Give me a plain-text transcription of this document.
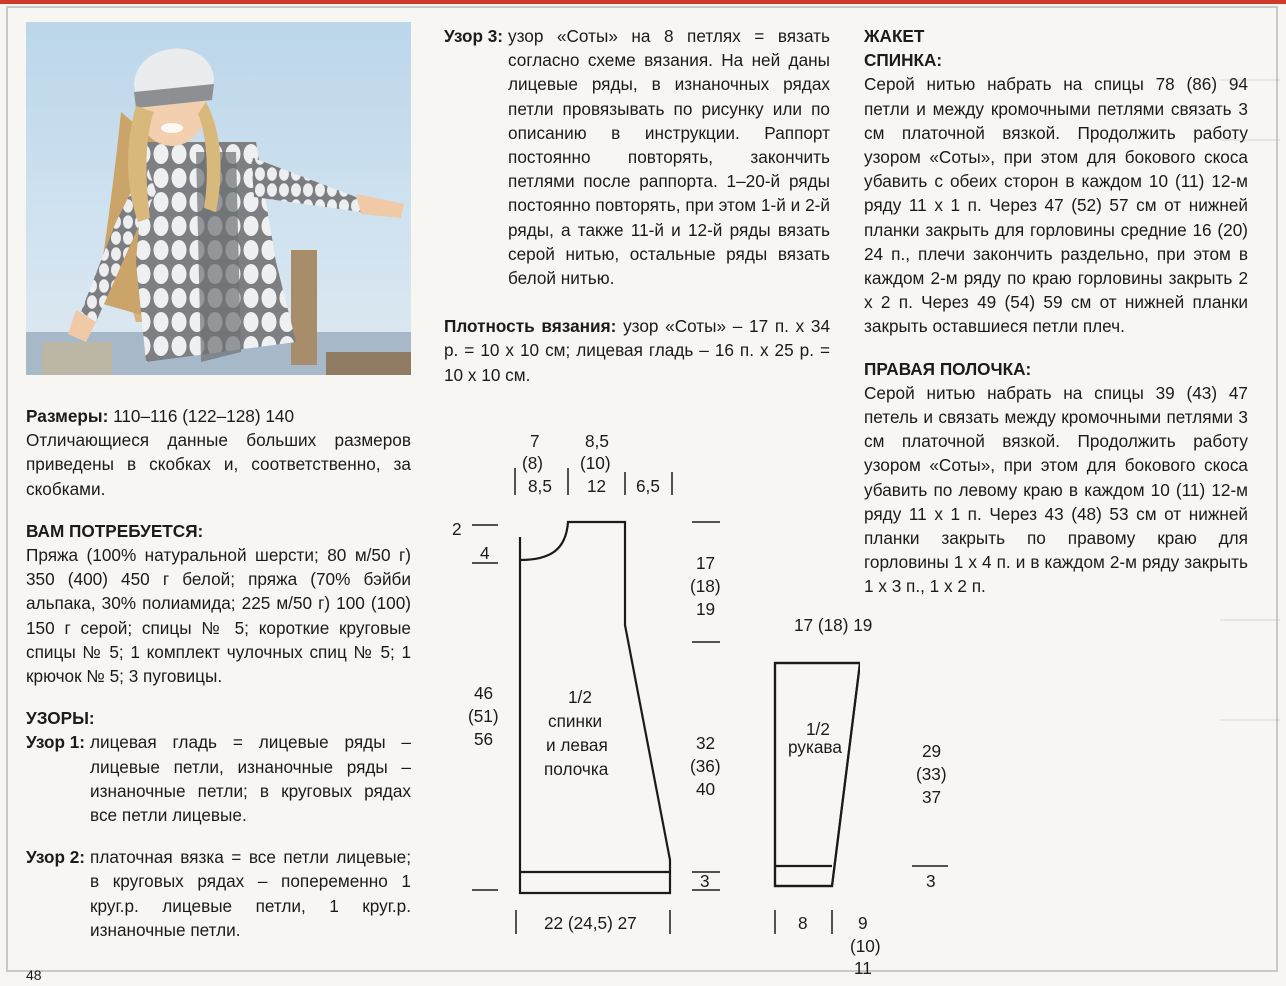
Размеры: 110–116 (122–128) 140

Отличающиеся данные больших размеров приведены в скобках и, соответственно, за скобками.

ВАМ ПОТРЕБУЕТСЯ:

Пряжа (100% натуральной шерсти; 80 м/50 г) 350 (400) 450 г белой; пряжа (70% бэйби альпака, 30% полиамида; 225 м/50 г) 100 (100) 150 г серой; спицы № 5; короткие круговые спицы № 5; 1 комплект чулочных спиц № 5; 1 крючок № 5; 3 пуговицы.

УЗОРЫ:

Узор 1: лицевая гладь = лицевые ряды – лицевые петли, изнаночные ряды – изнаночные петли; в круговых рядах все петли лицевые.
Узор 2: платочная вязка = все петли лицевые; в круговых рядах – попеременно 1 круг.р. лицевые петли, 1 круг.р. изнаночные петли.
Узор 3: узор «Соты» на 8 петлях = вязать согласно схеме вязания. На ней даны лицевые ряды, в изнаночных рядах петли провязывать по рисунку или по описанию в инструкции. Раппорт постоянно повторять, закончить петлями после раппорта. 1–20-й ряды постоянно повторять, при этом 1-й и 2-й ряды, а также 11-й и 12-й ряды вязать серой нитью, остальные ряды вязать белой нитью.

Плотность вязания: узор «Соты» – 17 п. х 34 р. = 10 х 10 см; лицевая гладь – 16 п. х 25 р. = 10 х 10 см.

ЖАКЕТ

СПИНКА:

Серой нитью набрать на спицы 78 (86) 94 петли и между кромочными петлями связать 3 см платочной вязкой. Продолжить работу узором «Соты», при этом для бокового скоса убавить с обеих сторон в каждом 10 (11) 12-м ряду 11 х 1 п. Через 47 (52) 57 см от нижней планки закрыть для горловины средние 16 (20) 24 п., плечи закончить раздельно, при этом в каждом 2-м ряду по краю горловины закрыть 2 х 2 п. Через 49 (54) 59 см от нижней планки закрыть оставшиеся петли плеч.

ПРАВАЯ ПОЛОЧКА:

Серой нитью набрать на спицы 39 (43) 47 петель и связать между кромочными петлями 3 см платочной вязкой. Продолжить работу узором «Соты», при этом для бокового скоса убавить по левому краю в каждом 10 (11) 12-м ряду 11 х 1 п. Через 43 (48) 53 см от нижней планки закрыть по правому краю для горловины 1 х 4 п. и в каждом 2-м ряду закрыть 1 х 3 п., 1 х 2 п.

7
(8)
8,5
8,5
(10)
12 6,5
2
4	17
(18)
19
46
(51)
56
1/2
спинки
и левая
полочка
32
(36)
40
3
22 (24,5) 27
17 (18) 19
1/2
рукава	29
(33)
37
3
8	9
(10)
11
48
